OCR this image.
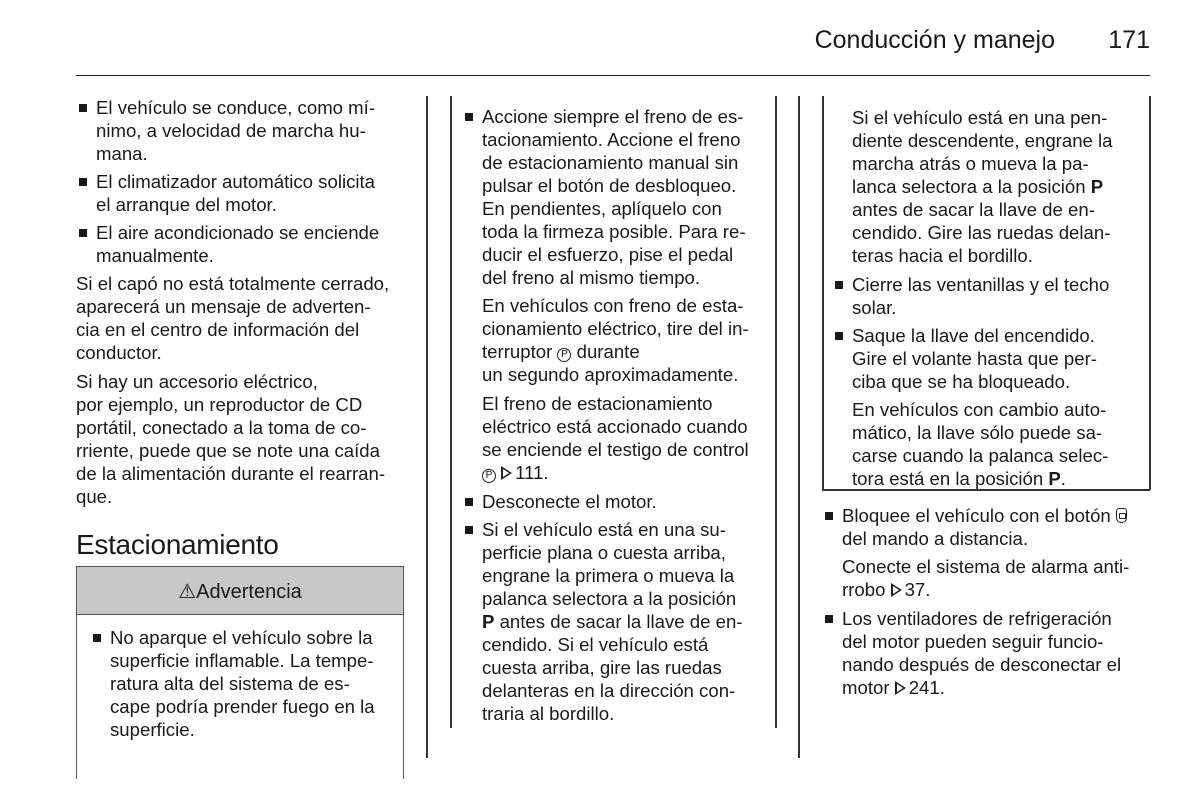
Conducción y manejo 171
El vehículo se conduce, como mí-
nimo, a velocidad de marcha hu-
mana.
El climatizador automático solicita
el arranque del motor.
El aire acondicionado se enciende
manualmente.

Si el capó no está totalmente cerrado,
aparecerá un mensaje de adverten-
cia en el centro de información del
conductor.

Si hay un accesorio eléctrico,
por ejemplo, un reproductor de CD
portátil, conectado a la toma de co-
rriente, puede que se note una caída
de la alimentación durante el rearran-
que.

Estacionamiento
⚠Advertencia
No aparque el vehículo sobre la
superficie inflamable. La tempe-
ratura alta del sistema de es-
cape podría prender fuego en la
superficie.
Accione siempre el freno de es-
tacionamiento. Accione el freno
de estacionamiento manual sin
pulsar el botón de desbloqueo.
En pendientes, aplíquelo con
toda la firmeza posible. Para re-
ducir el esfuerzo, pise el pedal
del freno al mismo tiempo.
En vehículos con freno de esta-
cionamiento eléctrico, tire del in-
terruptor P durante
un segundo aproximadamente.
El freno de estacionamiento
eléctrico está accionado cuando
se enciende el testigo de control
P 111.
Desconecte el motor.
Si el vehículo está en una su-
perficie plana o cuesta arriba,
engrane la primera o mueva la
palanca selectora a la posición
P antes de sacar la llave de en-
cendido. Si el vehículo está
cuesta arriba, gire las ruedas
delanteras en la dirección con-
traria al bordillo.
Si el vehículo está en una pen-
diente descendente, engrane la
marcha atrás o mueva la pa-
lanca selectora a la posición P
antes de sacar la llave de en-
cendido. Gire las ruedas delan-
teras hacia el bordillo.
Cierre las ventanillas y el techo
solar.
Saque la llave del encendido.
Gire el volante hasta que per-
ciba que se ha bloqueado.
En vehículos con cambio auto-
mático, la llave sólo puede sa-
carse cuando la palanca selec-
tora está en la posición P.
Bloquee el vehículo con el botón
del mando a distancia.
Conecte el sistema de alarma anti-
rrobo 37.
Los ventiladores de refrigeración
del motor pueden seguir funcio-
nando después de desconectar el
motor 241.
